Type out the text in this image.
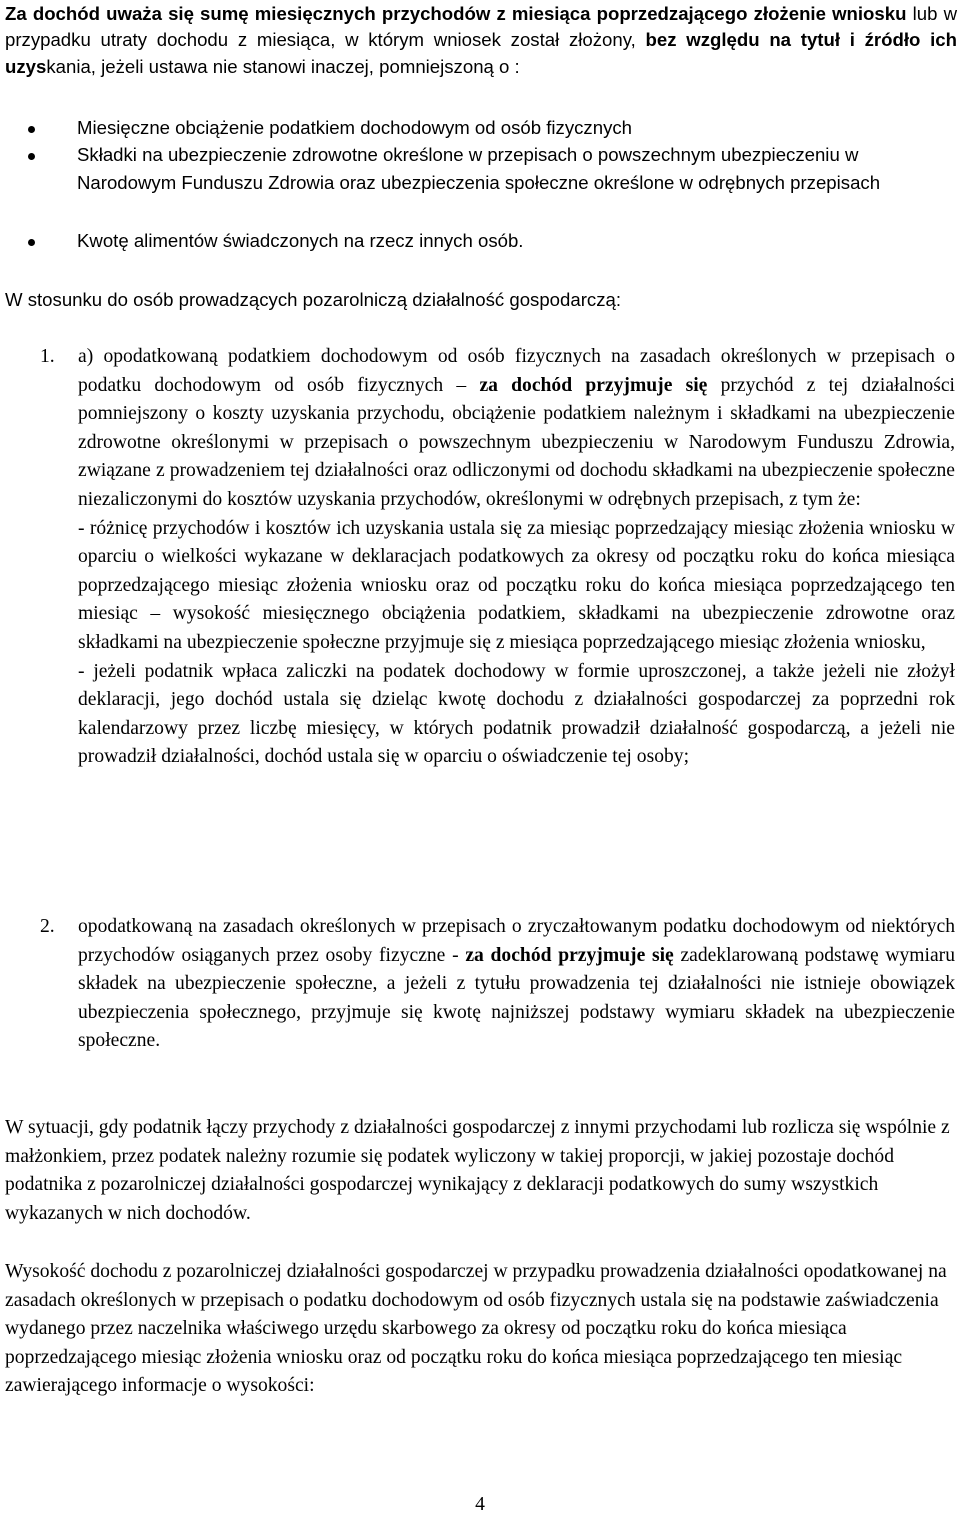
Za dochód uważa się sumę miesięcznych przychodów z miesiąca poprzedzającego złożenie wniosku lub w przypadku utraty dochodu z miesiąca, w którym wniosek został złożony, bez względu na tytuł i źródło ich uzyskania, jeżeli ustawa nie stanowi inaczej, pomniejszoną o :
Miesięczne obciążenie podatkiem dochodowym od osób fizycznych
Składki na ubezpieczenie zdrowotne określone w przepisach o powszechnym ubezpieczeniu w Narodowym Funduszu Zdrowia oraz ubezpieczenia społeczne określone w odrębnych przepisach
Kwotę alimentów świadczonych na rzecz innych osób.
W stosunku do osób prowadzących pozarolniczą działalność gospodarczą:
1. a) opodatkowaną podatkiem dochodowym od osób fizycznych na zasadach określonych w przepisach o podatku dochodowym od osób fizycznych – za dochód przyjmuje się przychód z tej działalności pomniejszony o koszty uzyskania przychodu, obciążenie podatkiem należnym i składkami na ubezpieczenie zdrowotne określonymi w przepisach o powszechnym ubezpieczeniu w Narodowym Funduszu Zdrowia, związane z prowadzeniem tej działalności oraz odliczonymi od dochodu składkami na ubezpieczenie społeczne niezaliczonymi do kosztów uzyskania przychodów, określonymi w odrębnych przepisach, z tym że:
- różnicę przychodów i kosztów ich uzyskania ustala się za miesiąc poprzedzający miesiąc złożenia wniosku w oparciu o wielkości wykazane w deklaracjach podatkowych za okresy od początku roku do końca miesiąca poprzedzającego miesiąc złożenia wniosku oraz od początku roku do końca miesiąca poprzedzającego ten miesiąc – wysokość miesięcznego obciążenia podatkiem, składkami na ubezpieczenie zdrowotne oraz składkami na ubezpieczenie społeczne przyjmuje się z miesiąca poprzedzającego miesiąc złożenia wniosku,
- jeżeli podatnik wpłaca zaliczki na podatek dochodowy w formie uproszczonej, a także jeżeli nie złożył deklaracji, jego dochód ustala się dzieląc kwotę dochodu z działalności gospodarczej za poprzedni rok kalendarzowy przez liczbę miesięcy, w których podatnik prowadził działalność gospodarczą, a jeżeli nie prowadził działalności, dochód ustala się w oparciu o oświadczenie tej osoby;
2. opodatkowaną na zasadach określonych w przepisach o zryczałtowanym podatku dochodowym od niektórych przychodów osiąganych przez osoby fizyczne - za dochód przyjmuje się zadeklarowaną podstawę wymiaru składek na ubezpieczenie społeczne, a jeżeli z tytułu prowadzenia tej działalności nie istnieje obowiązek ubezpieczenia społecznego, przyjmuje się kwotę najniższej podstawy wymiaru składek na ubezpieczenie społeczne.
W sytuacji, gdy podatnik łączy przychody z działalności gospodarczej z innymi przychodami lub rozlicza się wspólnie z małżonkiem, przez podatek należny rozumie się podatek wyliczony w takiej proporcji, w jakiej pozostaje dochód podatnika z pozarolniczej działalności gospodarczej wynikający z deklaracji podatkowych do sumy wszystkich wykazanych w nich dochodów.
Wysokość dochodu z pozarolniczej działalności gospodarczej w przypadku prowadzenia działalności opodatkowanej na zasadach określonych w przepisach o podatku dochodowym od osób fizycznych ustala się na podstawie zaświadczenia wydanego przez naczelnika właściwego urzędu skarbowego za okresy od początku roku do końca miesiąca poprzedzającego miesiąc złożenia wniosku oraz od początku roku do końca miesiąca poprzedzającego ten miesiąc zawierającego informacje o wysokości:
4
